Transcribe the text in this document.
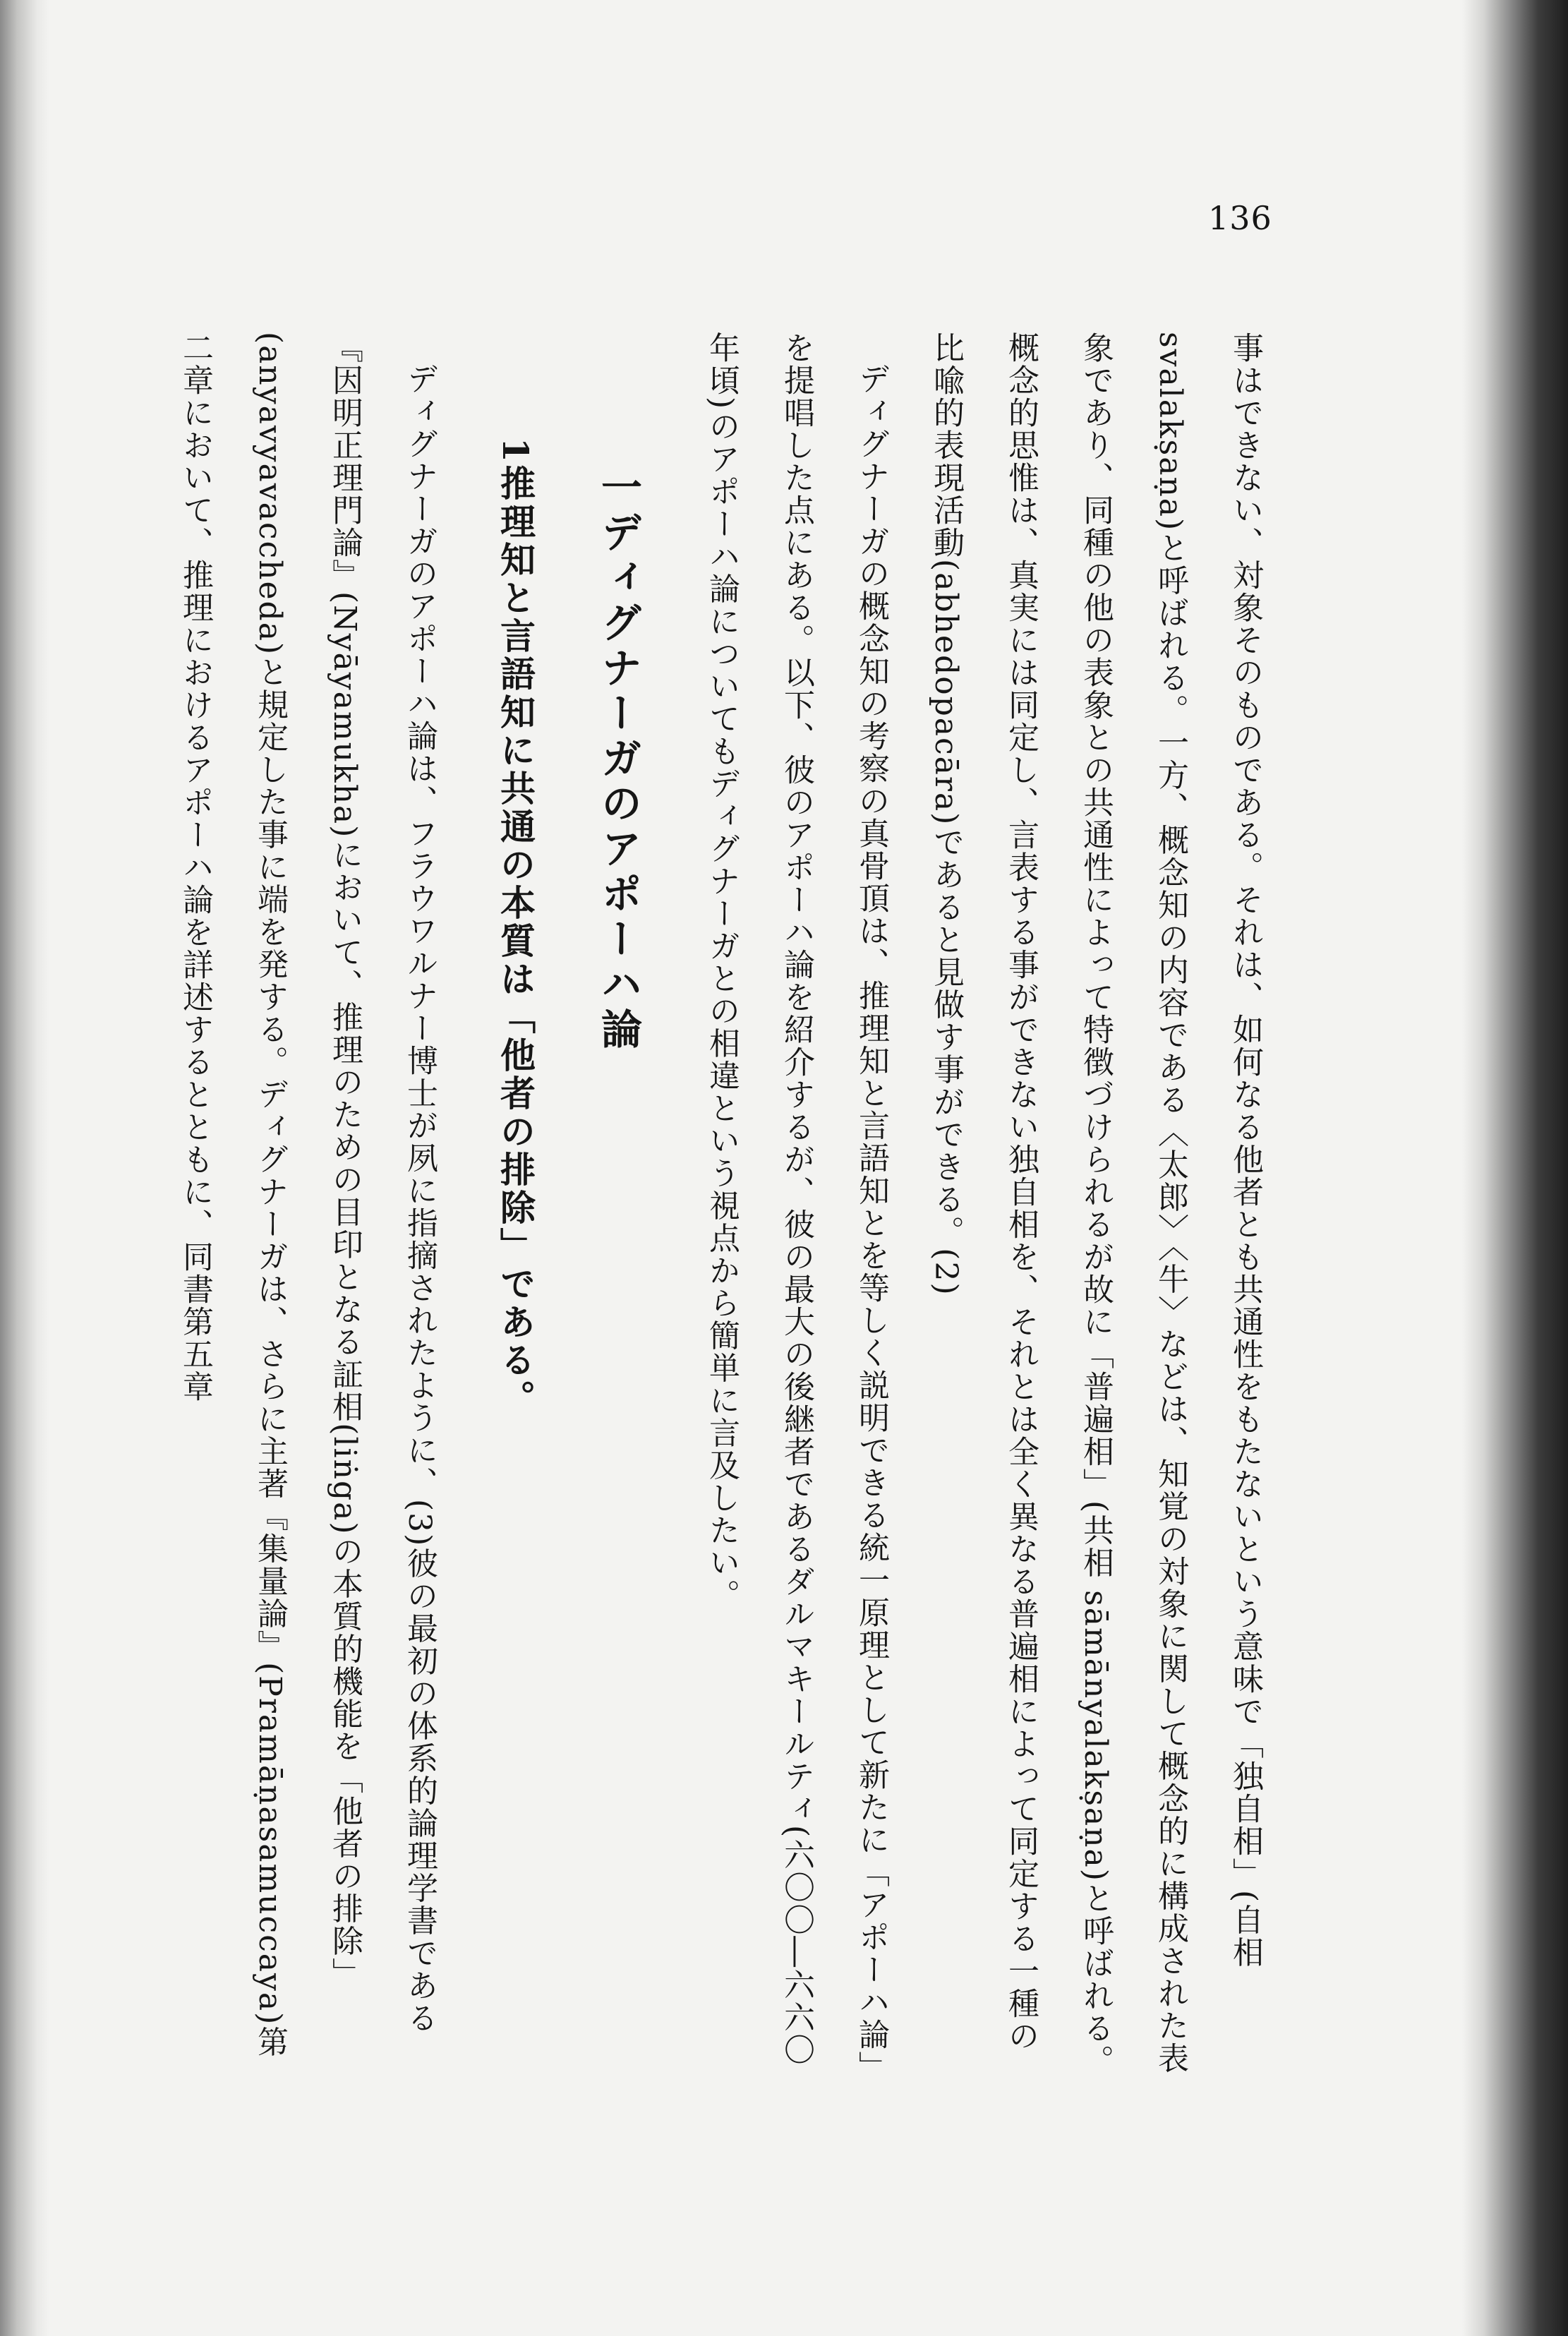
136

事はできない、対象そのものである。それは、如何なる他者とも共通性をもたないという意味で「独自相」(自相 svalakṣaṇa)と呼ばれる。一方、概念知の内容である〈太郎〉〈牛〉などは、知覚の対象に関して概念的に構成された表象であり、同種の他の表象との共通性によって特徴づけられるが故に「普遍相」(共相 sāmānyalakṣaṇa)と呼ばれる。概念的思惟は、真実には同定し、言表する事ができない独自相を、それとは全く異なる普遍相によって同定する一種の比喩的表現活動(abhedopacāra)であると見做す事ができる。(2)

ディグナーガの概念知の考察の真骨頂は、推理知と言語知とを等しく説明できる統一原理として新たに「アポーハ論」を提唱した点にある。以下、彼のアポーハ論を紹介するが、彼の最大の後継者であるダルマキールティ(六〇〇―六六〇年頃)のアポーハ論についてもディグナーガとの相違という視点から簡単に言及したい。

一ディグナーガのアポーハ論
1推理知と言語知に共通の本質は「他者の排除」である。

ディグナーガのアポーハ論は、フラウワルナー博士が夙に指摘されたように、(3)彼の最初の体系的論理学書である『因明正理門論』(Nyāyamukha)において、推理のための目印となる証相(liṅga)の本質的機能を「他者の排除」(anyavyavaccheda)と規定した事に端を発する。ディグナーガは、さらに主著『集量論』(Pramāṇasamuccaya)第二章において、推理におけるアポーハ論を詳述するとともに、同書第五章
